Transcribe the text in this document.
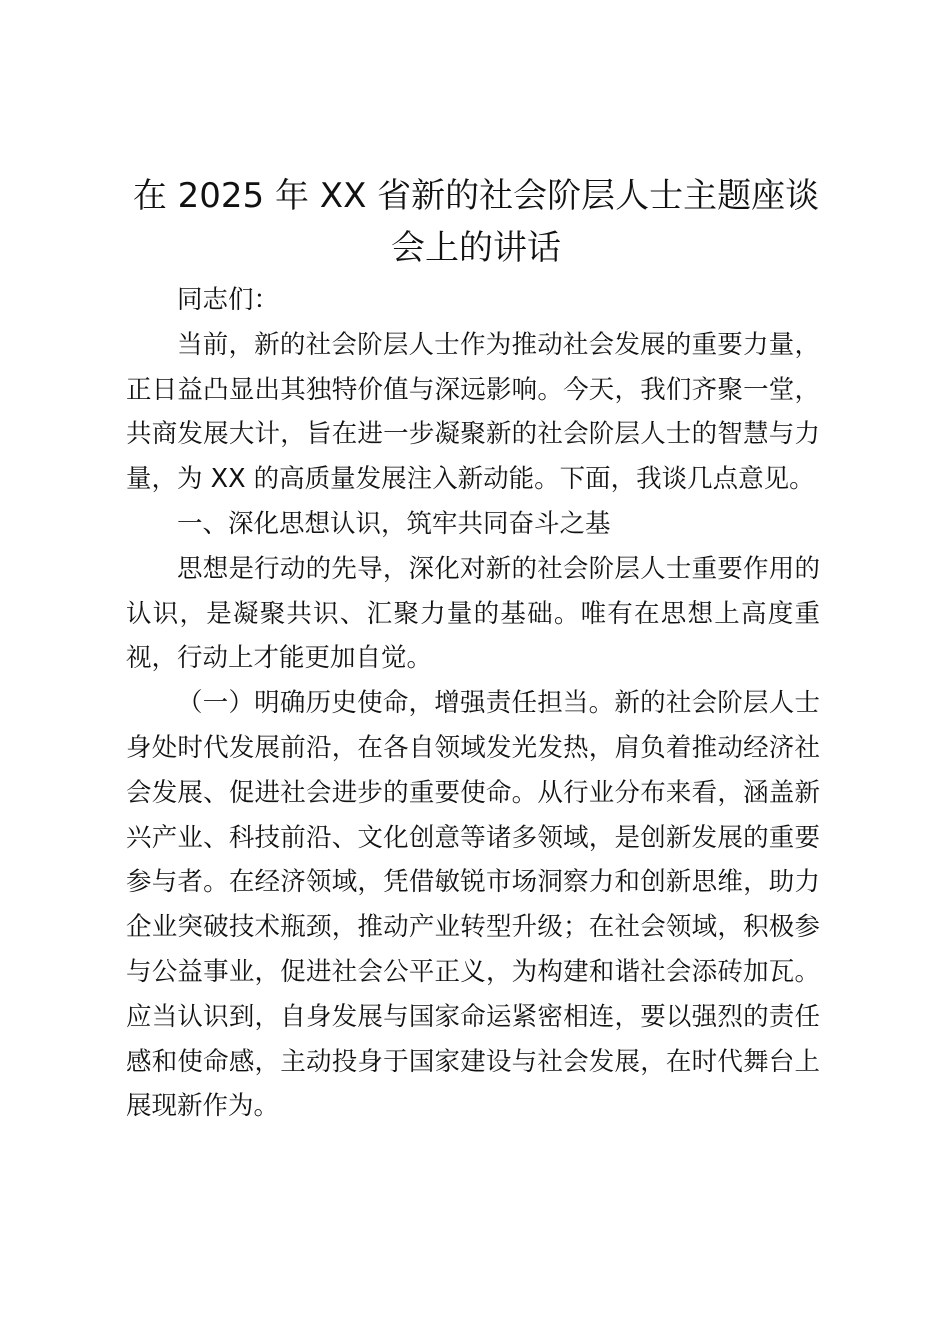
在 2025 年 XX 省新的社会阶层人士主题座谈会上的讲话

同志们：

当前，新的社会阶层人士作为推动社会发展的重要力量，正日益凸显出其独特价值与深远影响。今天，我们齐聚一堂，共商发展大计，旨在进一步凝聚新的社会阶层人士的智慧与力量，为 XX 的高质量发展注入新动能。下面，我谈几点意见。

一、深化思想认识，筑牢共同奋斗之基

思想是行动的先导，深化对新的社会阶层人士重要作用的认识，是凝聚共识、汇聚力量的基础。唯有在思想上高度重视，行动上才能更加自觉。

（一）明确历史使命，增强责任担当。新的社会阶层人士身处时代发展前沿，在各自领域发光发热，肩负着推动经济社会发展、促进社会进步的重要使命。从行业分布来看，涵盖新兴产业、科技前沿、文化创意等诸多领域，是创新发展的重要参与者。在经济领域，凭借敏锐市场洞察力和创新思维，助力企业突破技术瓶颈，推动产业转型升级；在社会领域，积极参与公益事业，促进社会公平正义，为构建和谐社会添砖加瓦。应当认识到，自身发展与国家命运紧密相连，要以强烈的责任感和使命感，主动投身于国家建设与社会发展，在时代舞台上展现新作为。
